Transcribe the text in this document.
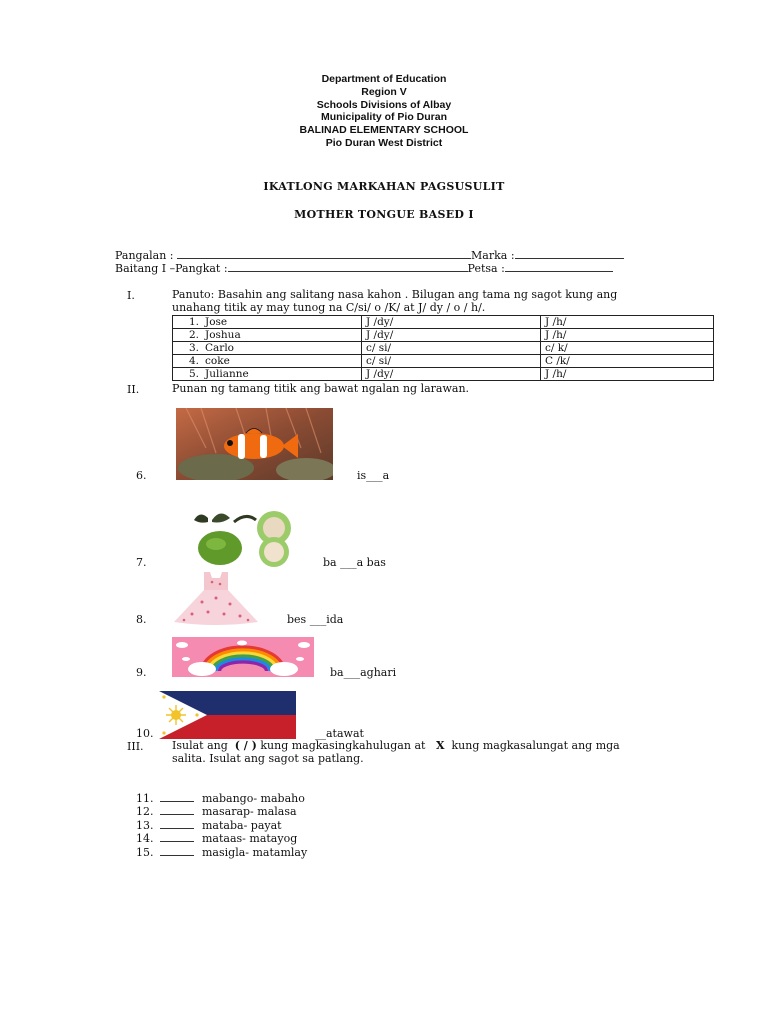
Department of Education
Region V
Schools Divisions of Albay
Municipality of Pio Duran
BALINAD ELEMENTARY SCHOOL
Pio Duran West District
IKATLONG MARKAHAN PAGSUSULIT
MOTHER TONGUE BASED I
Pangalan :	Marka :
Baitang I –Pangkat :	Petsa :
I.	Panuto: Basahin ang salitang nasa kahon . Bilugan ang tama ng sagot kung ang unahang titik ay may tunog na C/si/ o /K/ at J/ dy / o / h/.
1. Jose	J /dy/	J /h/
2. Joshua	J /dy/	J /h/
3. Carlo	c/ si/	c/ k/
4. coke	c/ si/	C /k/
5. Julianne	J /dy/	J /h/
II.	Punan ng tamang titik ang bawat ngalan ng larawan.
6.	is___a
7.	ba ___a bas
8.	bes ___ida
9.	ba___aghari
10.	__atawat
III.	Isulat ang ( / ) kung magkasingkahulugan at X kung magkasalungat ang mga salita. Isulat ang sagot sa patlang.
11.	mabango- mabaho
12.	masarap- malasa
13.	mataba- payat
14.	mataas- matayog
15.	masigla- matamlay
